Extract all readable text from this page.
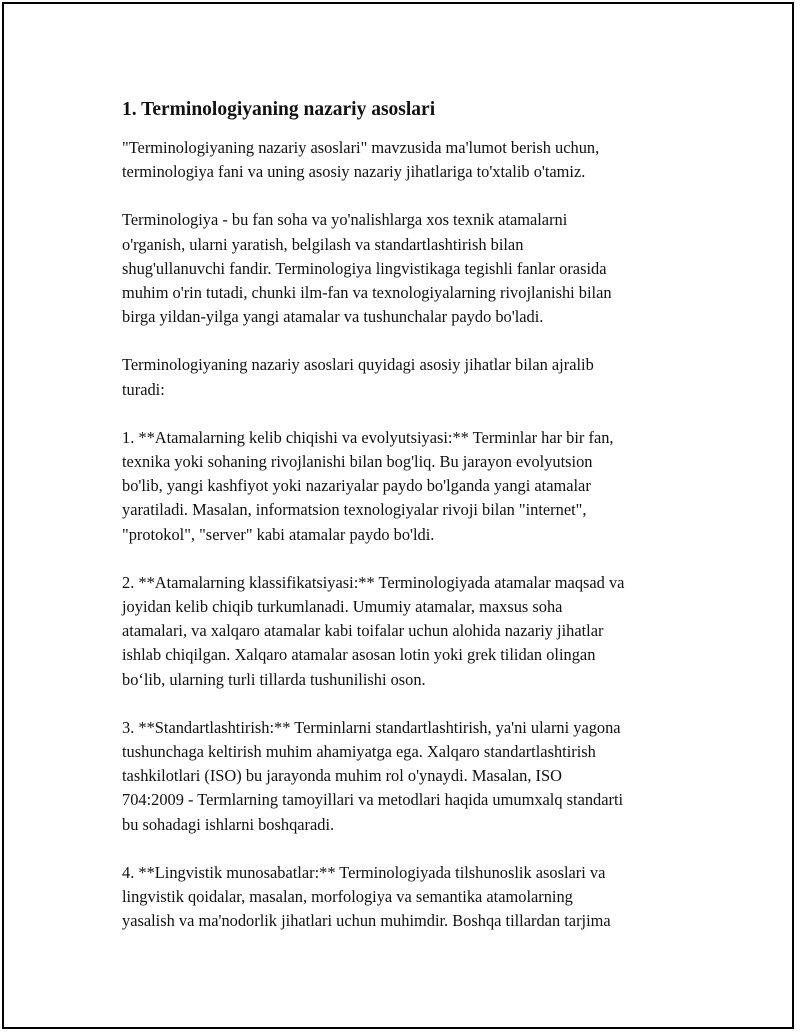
1. Terminologiyaning nazariy asoslari

"Terminologiyaning nazariy asoslari" mavzusida ma'lumot berish uchun,
terminologiya fani va uning asosiy nazariy jihatlariga to'xtalib o'tamiz.

Terminologiya - bu fan soha va yo'nalishlarga xos texnik atamalarni
o'rganish, ularni yaratish, belgilash va standartlashtirish bilan
shug'ullanuvchi fandir. Terminologiya lingvistikaga tegishli fanlar orasida
muhim o'rin tutadi, chunki ilm-fan va texnologiyalarning rivojlanishi bilan
birga yildan-yilga yangi atamalar va tushunchalar paydo bo'ladi.

Terminologiyaning nazariy asoslari quyidagi asosiy jihatlar bilan ajralib
turadi:

1. **Atamalarning kelib chiqishi va evolyutsiyasi:** Terminlar har bir fan,
texnika yoki sohaning rivojlanishi bilan bog'liq. Bu jarayon evolyutsion
bo'lib, yangi kashfiyot yoki nazariyalar paydo bo'lganda yangi atamalar
yaratiladi. Masalan, informatsion texnologiyalar rivoji bilan "internet",
"protokol", "server" kabi atamalar paydo bo'ldi.

2. **Atamalarning klassifikatsiyasi:** Terminologiyada atamalar maqsad va
joyidan kelib chiqib turkumlanadi. Umumiy atamalar, maxsus soha
atamalari, va xalqaro atamalar kabi toifalar uchun alohida nazariy jihatlar
ishlab chiqilgan. Xalqaro atamalar asosan lotin yoki grek tilidan olingan
bo‘lib, ularning turli tillarda tushunilishi oson.

3. **Standartlashtirish:** Terminlarni standartlashtirish, ya'ni ularni yagona
tushunchaga keltirish muhim ahamiyatga ega. Xalqaro standartlashtirish
tashkilotlari (ISO) bu jarayonda muhim rol o'ynaydi. Masalan, ISO
704:2009 - Termlarning tamoyillari va metodlari haqida umumxalq standarti
bu sohadagi ishlarni boshqaradi.

4. **Lingvistik munosabatlar:** Terminologiyada tilshunoslik asoslari va
lingvistik qoidalar, masalan, morfologiya va semantika atamolarning
yasalish va ma'nodorlik jihatlari uchun muhimdir. Boshqa tillardan tarjima
